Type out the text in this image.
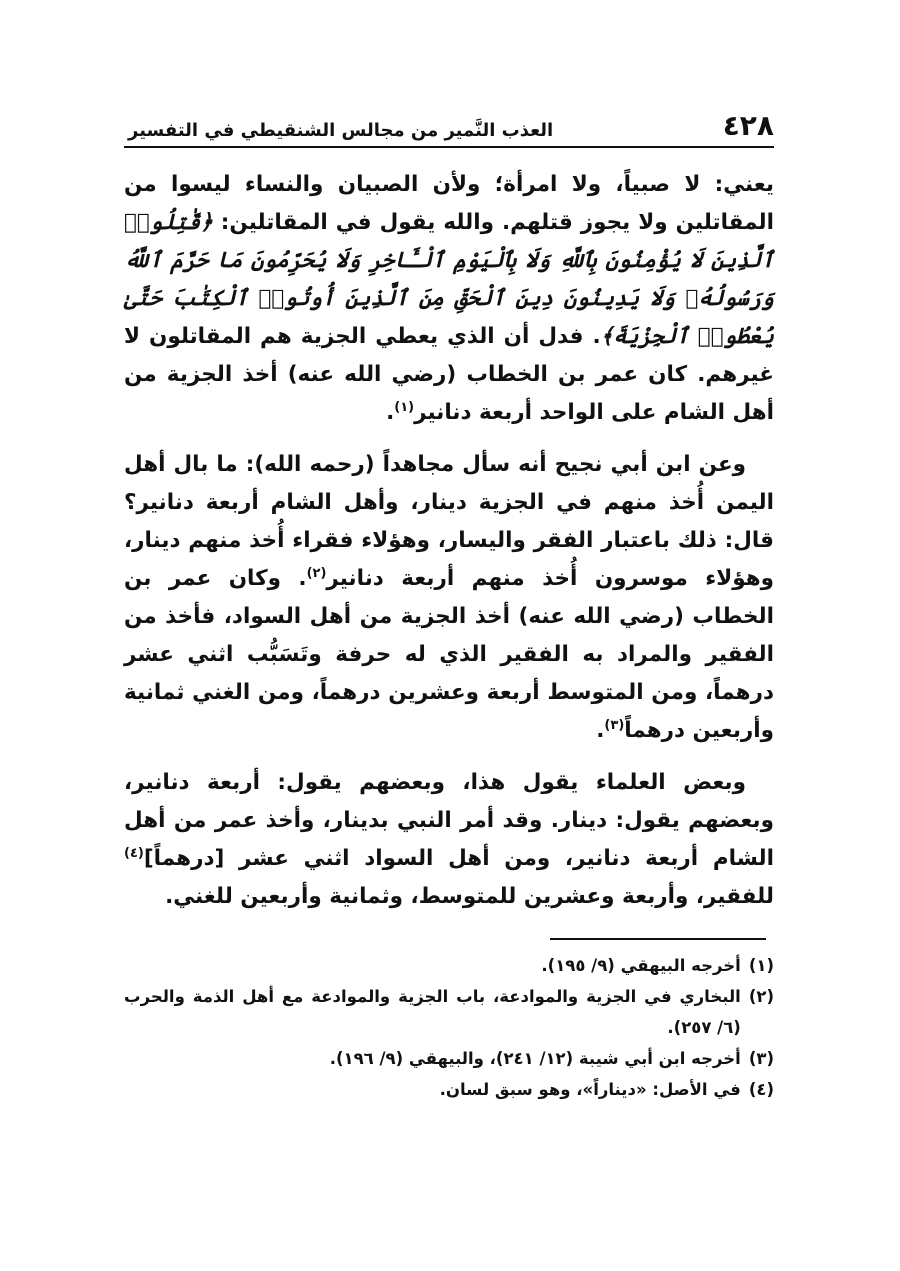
٤٢٨
العذب النَّمير من مجالس الشنقيطي في التفسير

يعني: لا صبياً، ولا امرأة؛ ولأن الصبيان والنساء ليسوا من المقاتلين ولا يجوز قتلهم. والله يقول في المقاتلين: ﴿قَٰتِلُوا۟ ٱلَّذِينَ لَا يُؤْمِنُونَ بِٱللَّهِ وَلَا بِٱلْيَوْمِ ٱلْـَٔاخِرِ وَلَا يُحَرِّمُونَ مَا حَرَّمَ ٱللَّهُ وَرَسُولُهُۥ وَلَا يَدِينُونَ دِينَ ٱلْحَقِّ مِنَ ٱلَّذِينَ أُوتُوا۟ ٱلْكِتَٰبَ حَتَّىٰ يُعْطُوا۟ ٱلْجِزْيَةَ﴾. فدل أن الذي يعطي الجزية هم المقاتلون لا غيرهم. كان عمر بن الخطاب (رضي الله عنه) أخذ الجزية من أهل الشام على الواحد أربعة دنانير$^{(١)}$.

وعن ابن أبي نجيح أنه سأل مجاهداً (رحمه الله): ما بال أهل اليمن أُخذ منهم في الجزية دينار، وأهل الشام أربعة دنانير؟ قال: ذلك باعتبار الفقر واليسار، وهؤلاء فقراء أُخذ منهم دينار، وهؤلاء موسرون أُخذ منهم أربعة دنانير$^{(٢)}$. وكان عمر بن الخطاب (رضي الله عنه) أخذ الجزية من أهل السواد، فأخذ من الفقير والمراد به الفقير الذي له حرفة وتَسَبُّب اثني عشر درهماً، ومن المتوسط أربعة وعشرين درهماً، ومن الغني ثمانية وأربعين درهماً$^{(٣)}$.

وبعض العلماء يقول هذا، وبعضهم يقول: أربعة دنانير، وبعضهم يقول: دينار. وقد أمر النبي بدينار، وأخذ عمر من أهل الشام أربعة دنانير، ومن أهل السواد اثني عشر [درهماً]$^{(٤)}$ للفقير، وأربعة وعشرين للمتوسط، وثمانية وأربعين للغني.

(١)
أخرجه البيهقي (٩/ ١٩٥).
(٢)
البخاري في الجزية والموادعة، باب الجزية والموادعة مع أهل الذمة والحرب (٦/ ٢٥٧).
(٣)
أخرجه ابن أبي شيبة (١٢/ ٢٤١)، والبيهقي (٩/ ١٩٦).
(٤)
في الأصل: «ديناراً»، وهو سبق لسان.
